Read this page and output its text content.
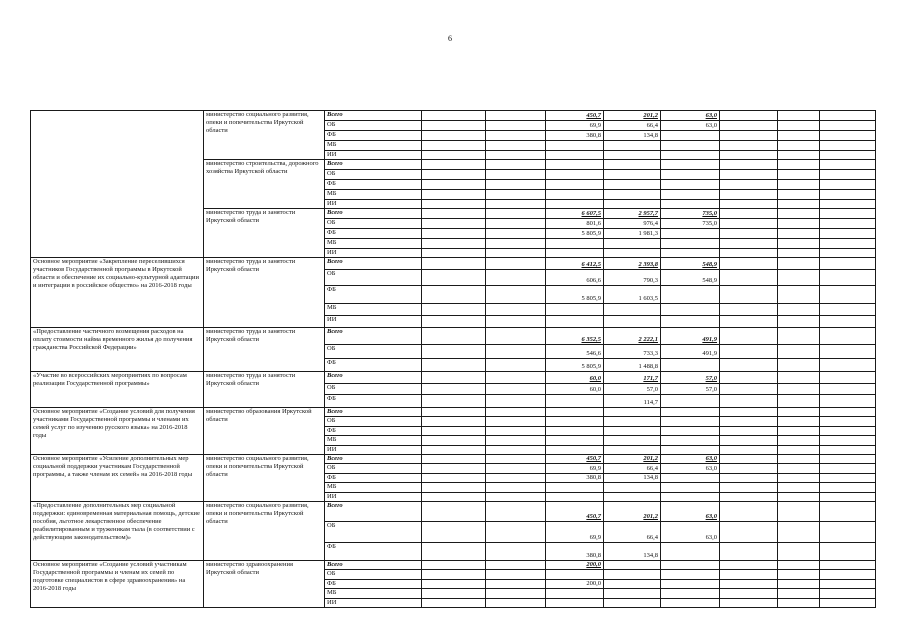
6
	министерство социального развития, опеки и попечительства Иркутской области	Всего			450,7	201,2	63,0			
		ОБ			69,9	66,4	63,0			
		ФБ			380,8	134,8				
		МБ								
		ИИ								
	министерство строительства, дорожного хозяйства Иркутской области	Всего								
		ОБ								
		ФБ								
		МБ								
		ИИ								
	министерство труда и занятости Иркутской области	Всего			6 607,5	2 957,7	735,0			
		ОБ			801,6	976,4	735,0			
		ФБ			5 805,9	1 981,3				
		МБ								
		ИИ								
Основное мероприятие «Закрепление переселившихся участников Государственной программы в Иркутской области и обеспечение их социально-культурной адаптации и интеграции в российское общество» на 2016-2018 годы	министерство труда и занятости Иркутской области	Всего			6 412,5	2 393,8	548,9			
		ОБ			606,6	790,3	548,9			
		ФБ			5 805,9	1 603,5				
		МБ								
		ИИ								
«Предоставление частичного возмещения расходов на оплату стоимости найма временного жилья до получения гражданства Российской Федерации»	министерство труда и занятости Иркутской области	Всего			6 352,5	2 222,1	491,9			
		ОБ			546,6	733,3	491,9			
		ФБ			5 805,9	1 488,8				
«Участие во всероссийских мероприятиях по вопросам реализации Государственной программы»	министерство труда и занятости Иркутской области	Всего			60,0	171,7	57,0			
		ОБ			60,0	57,0	57,0			
		ФБ				114,7				
Основное мероприятие «Создание условий для получения участниками Государственной программы и членами их семей услуг по изучению русского языка» на 2016-2018 годы	министерство образования Иркутской области	Всего								
		ОБ								
		ФБ								
		МБ								
		ИИ								
Основное мероприятие «Усиление дополнительных мер социальной поддержки участникам Государственной программы, а также членам их семей» на 2016-2018 годы	министерство социального развития, опеки и попечительства Иркутской области	Всего			450,7	201,2	63,0			
		ОБ			69,9	66,4	63,0			
		ФБ			380,8	134,8				
		МБ								
		ИИ								
«Предоставление дополнительных мер социальной поддержки: единовременная материальная помощь, детские пособия, льготное лекарственное обеспечение реабилитированным и труженикам тыла (в соответствии с действующим законодательством)»	министерство социального развития, опеки и попечительства Иркутской области	Всего			450,7	201,2	63,0			
		ОБ			69,9	66,4	63,0			
		ФБ			380,8	134,8				
Основное мероприятие «Создание условий участникам Государственной программы и членам их семей по подготовке специалистов в сфере здравоохранения» на 2016-2018 годы	министерство здравоохранения Иркутской области	Всего			200,0					
		ОБ								
		ФБ			200,0					
		МБ								
		ИИ								
